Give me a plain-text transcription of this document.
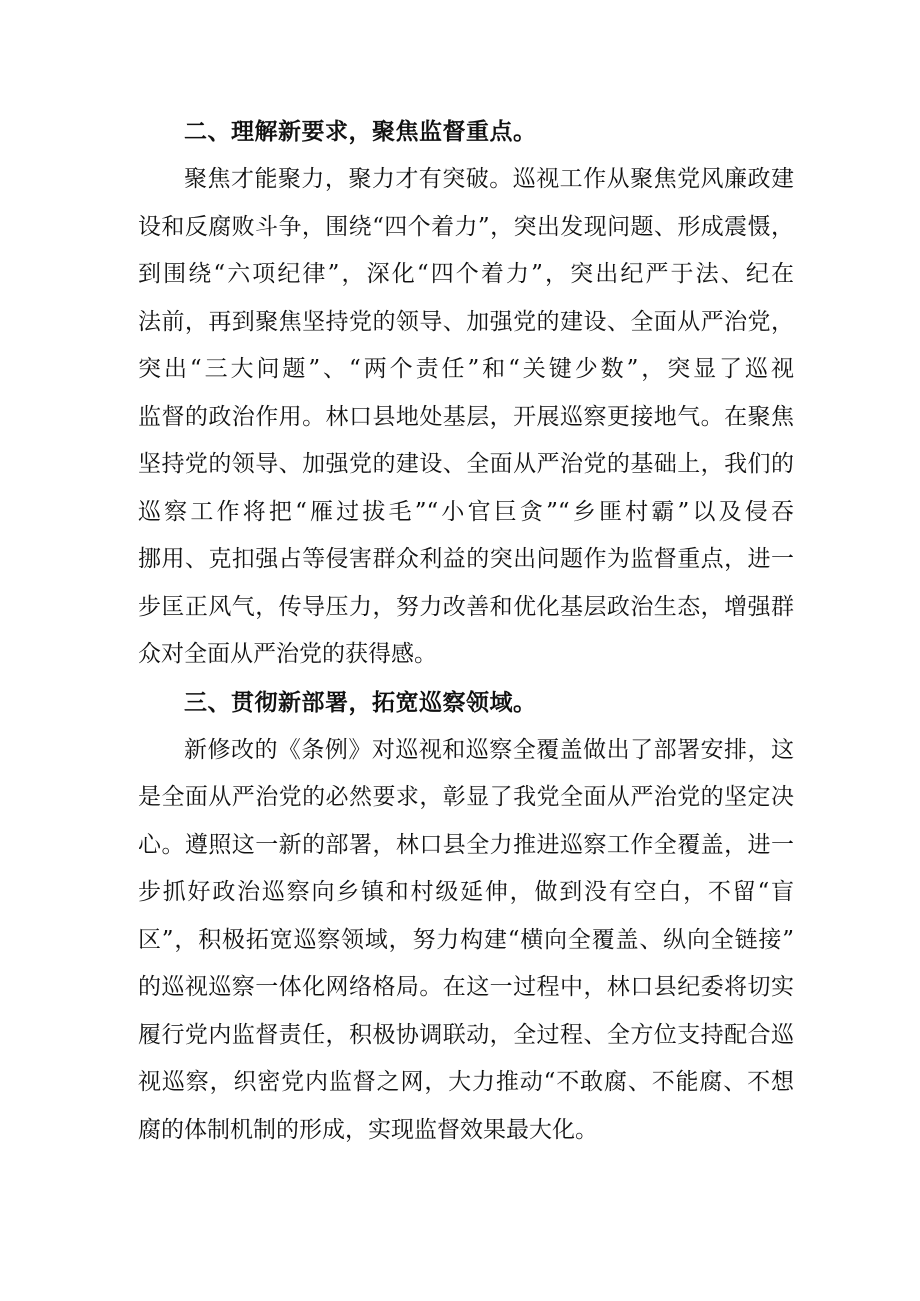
二、理解新要求，聚焦监督重点。
聚焦才能聚力，聚力才有突破。巡视工作从聚焦党风廉政建
设和反腐败斗争，围绕“四个着力”，突出发现问题、形成震慑，
到围绕“六项纪律”，深化“四个着力”，突出纪严于法、纪在
法前，再到聚焦坚持党的领导、加强党的建设、全面从严治党，
突出“三大问题”、“两个责任”和“关键少数”，突显了巡视
监督的政治作用。林口县地处基层，开展巡察更接地气。在聚焦
坚持党的领导、加强党的建设、全面从严治党的基础上，我们的
巡察工作将把“雁过拔毛”“小官巨贪”“乡匪村霸”以及侵吞
挪用、克扣强占等侵害群众利益的突出问题作为监督重点，进一
步匡正风气，传导压力，努力改善和优化基层政治生态，增强群
众对全面从严治党的获得感。
三、贯彻新部署，拓宽巡察领域。
新修改的《条例》对巡视和巡察全覆盖做出了部署安排，这
是全面从严治党的必然要求，彰显了我党全面从严治党的坚定决
心。遵照这一新的部署，林口县全力推进巡察工作全覆盖，进一
步抓好政治巡察向乡镇和村级延伸，做到没有空白，不留“盲
区”，积极拓宽巡察领域，努力构建“横向全覆盖、纵向全链接”
的巡视巡察一体化网络格局。在这一过程中，林口县纪委将切实
履行党内监督责任，积极协调联动，全过程、全方位支持配合巡
视巡察，织密党内监督之网，大力推动“不敢腐、不能腐、不想
腐的体制机制的形成，实现监督效果最大化。
